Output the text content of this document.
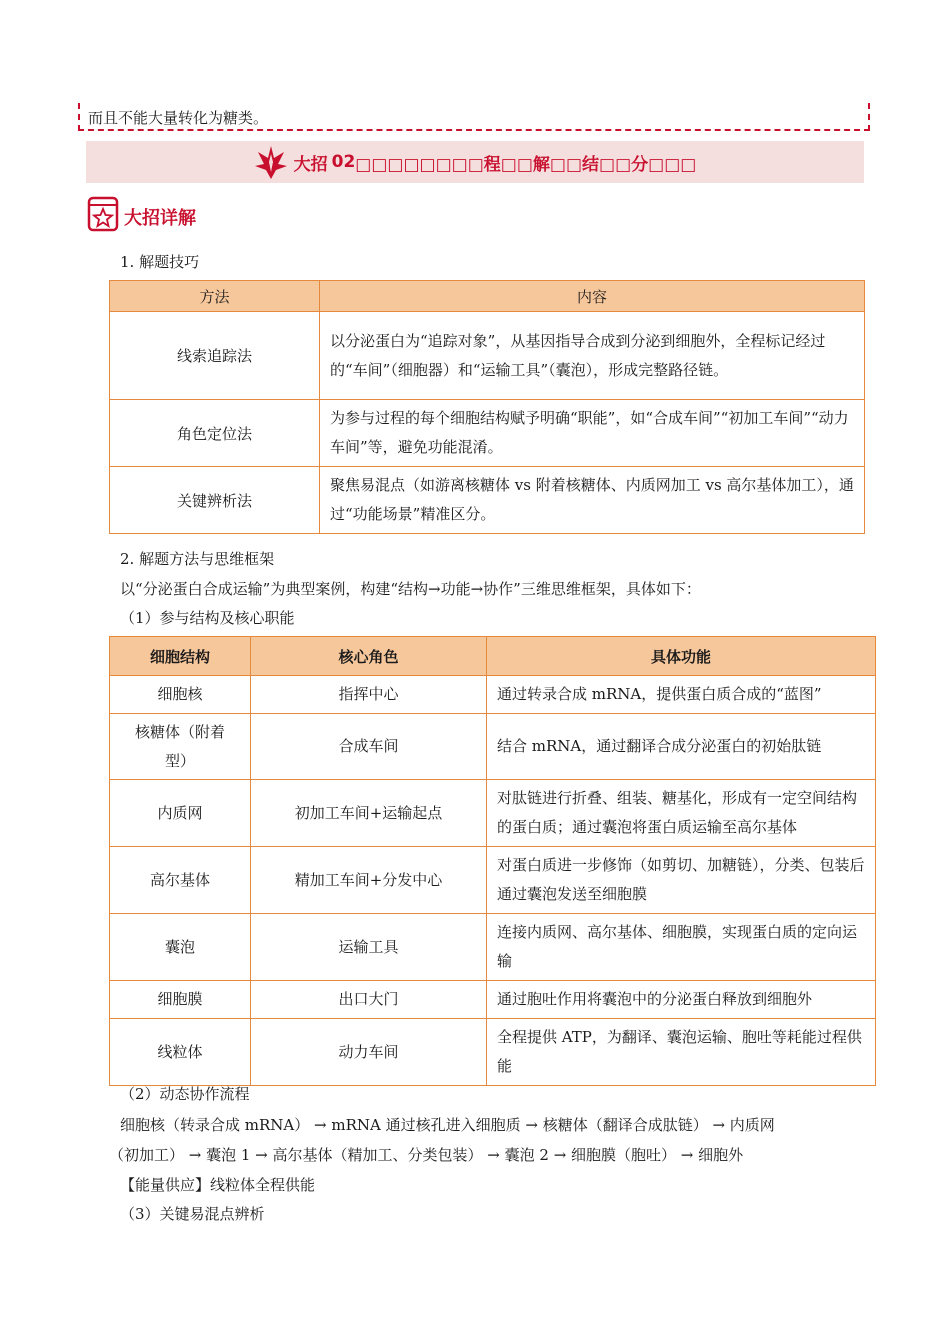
而且不能大量转化为糖类。
大招 02 □□□□□□□□程□□解□□结□□分□□□
大招详解
1. 解题技巧
方法	内容
线索追踪法	以分泌蛋白为“追踪对象”，从基因指导合成到分泌到细胞外，全程标记经过的“车间”（细胞器）和“运输工具”（囊泡），形成完整路径链。
角色定位法	为参与过程的每个细胞结构赋予明确“职能”，如“合成车间”“初加工车间”“动力车间”等，避免功能混淆。
关键辨析法	聚焦易混点（如游离核糖体 vs 附着核糖体、内质网加工 vs 高尔基体加工），通过“功能场景”精准区分。
2. 解题方法与思维框架
以“分泌蛋白合成运输”为典型案例，构建“结构→功能→协作”三维思维框架，具体如下：
（1）参与结构及核心职能
细胞结构	核心角色	具体功能
细胞核	指挥中心	通过转录合成 mRNA，提供蛋白质合成的“蓝图”
核糖体（附着型）	合成车间	结合 mRNA，通过翻译合成分泌蛋白的初始肽链
内质网	初加工车间+运输起点	对肽链进行折叠、组装、糖基化，形成有一定空间结构的蛋白质；通过囊泡将蛋白质运输至高尔基体
高尔基体	精加工车间+分发中心	对蛋白质进一步修饰（如剪切、加糖链），分类、包装后通过囊泡发送至细胞膜
囊泡	运输工具	连接内质网、高尔基体、细胞膜，实现蛋白质的定向运输
细胞膜	出口大门	通过胞吐作用将囊泡中的分泌蛋白释放到细胞外
线粒体	动力车间	全程提供 ATP，为翻译、囊泡运输、胞吐等耗能过程供能
（2）动态协作流程
细胞核（转录合成 mRNA） → mRNA 通过核孔进入细胞质 → 核糖体（翻译合成肽链） → 内质网
（初加工） → 囊泡 1 → 高尔基体（精加工、分类包装） → 囊泡 2 → 细胞膜（胞吐） → 细胞外
【能量供应】线粒体全程供能
（3）关键易混点辨析
